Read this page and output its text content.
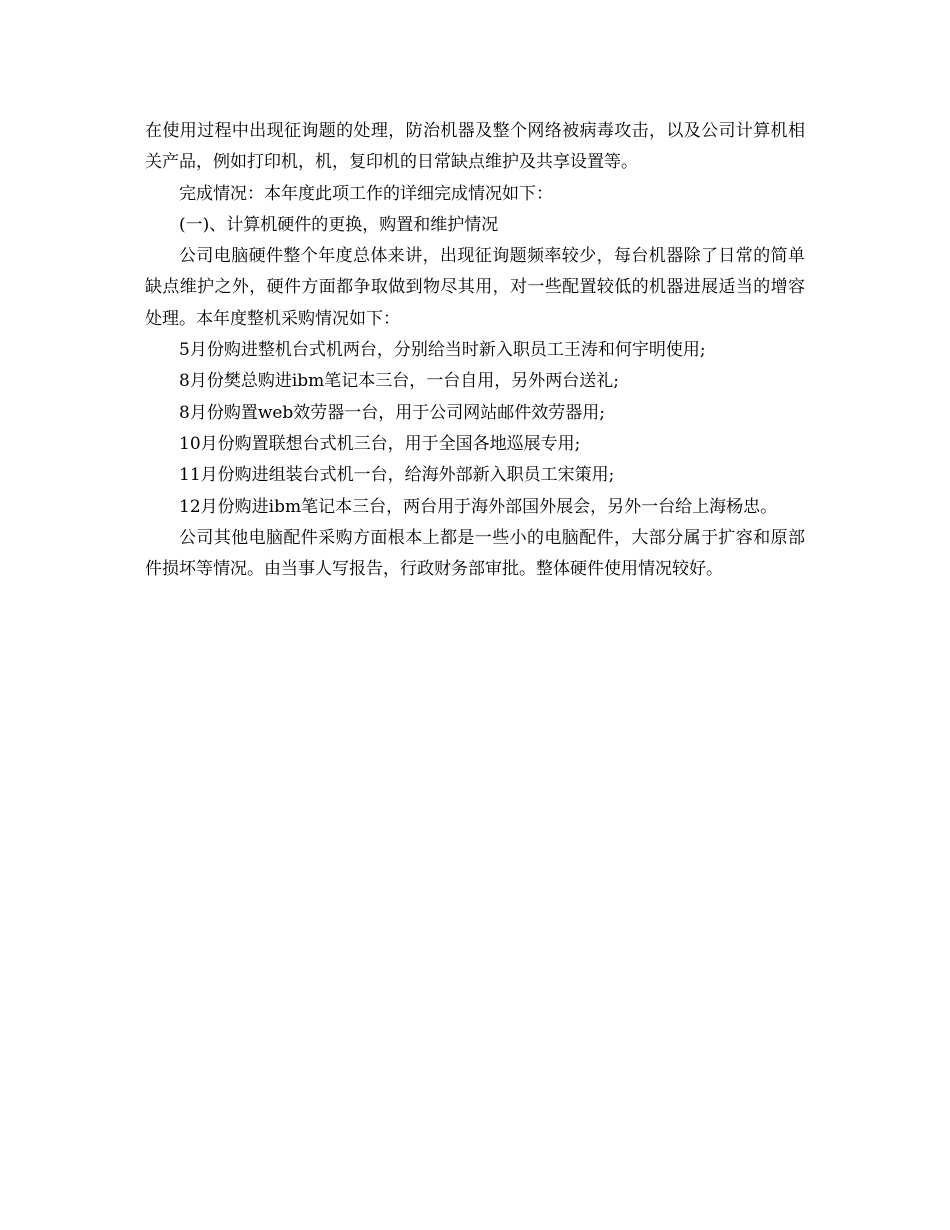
在使用过程中出现征询题的处理，防治机器及整个网络被病毒攻击，以及公司计算机相关产品，例如打印机，机，复印机的日常缺点维护及共享设置等。

完成情况：本年度此项工作的详细完成情况如下：

(一)、计算机硬件的更换，购置和维护情况

公司电脑硬件整个年度总体来讲，出现征询题频率较少，每台机器除了日常的简单缺点维护之外，硬件方面都争取做到物尽其用，对一些配置较低的机器进展适当的增容处理。本年度整机采购情况如下：

5月份购进整机台式机两台，分别给当时新入职员工王涛和何宇明使用;

8月份樊总购进ibm笔记本三台，一台自用，另外两台送礼;

8月份购置web效劳器一台，用于公司网站邮件效劳器用;

10月份购置联想台式机三台，用于全国各地巡展专用;

11月份购进组装台式机一台，给海外部新入职员工宋策用;

12月份购进ibm笔记本三台，两台用于海外部国外展会，另外一台给上海杨忠。

公司其他电脑配件采购方面根本上都是一些小的电脑配件，大部分属于扩容和原部件损坏等情况。由当事人写报告，行政财务部审批。整体硬件使用情况较好。
